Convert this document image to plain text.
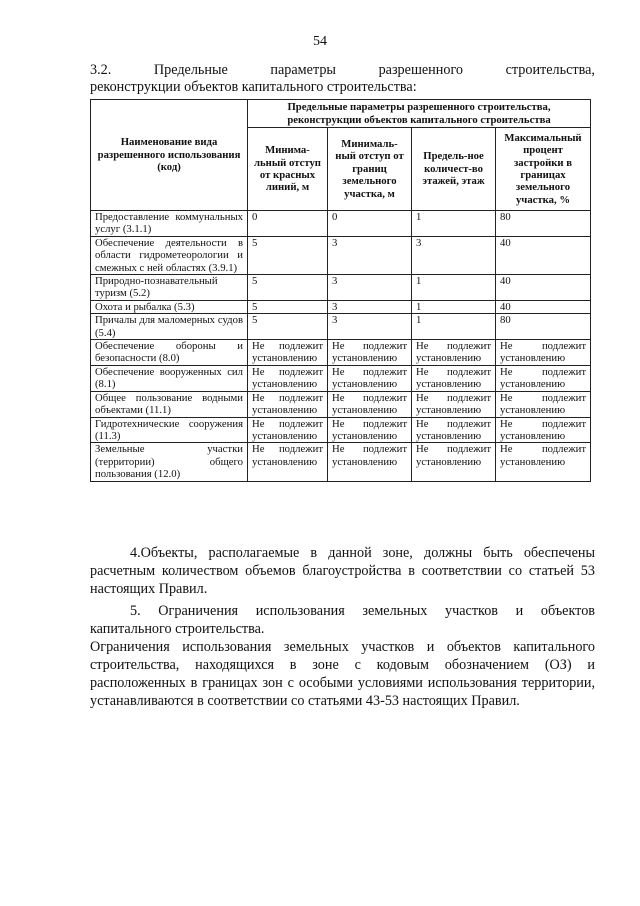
54
3.2.	Предельные	параметры	разрешенного	строительства,
реконструкции объектов капитального строительства:
Наименование вида разрешенного использования (код)	Предельные параметры разрешенного строительства, реконструкции объектов капитального строительства			
	Минима-льный отступ от красных линий, м	Минималь-ный отступ от границ земельного участка, м	Предель-ное количест-во этажей, этаж	Максимальный процент застройки в границах земельного участка, %
Предоставление коммунальных услуг (3.1.1)	0	0	1	80
Обеспечение деятельности в области гидрометеорологии и смежных с ней областях (3.9.1)	5	3	3	40
Природно-познавательный туризм (5.2)	5	3	1	40
Охота и рыбалка (5.3)	5	3	1	40
Причалы для маломерных судов (5.4)	5	3	1	80
Обеспечение обороны и безопасности (8.0)	Не подлежит установлению	Не подлежит установлению	Не подлежит установлению	Не подлежит установлению
Обеспечение вооруженных сил (8.1)	Не подлежит установлению	Не подлежит установлению	Не подлежит установлению	Не подлежит установлению
Общее пользование водными объектами (11.1)	Не подлежит установлению	Не подлежит установлению	Не подлежит установлению	Не подлежит установлению
Гидротехнические сооружения (11.3)	Не подлежит установлению	Не подлежит установлению	Не подлежит установлению	Не подлежит установлению
Земельные участки (территории) общего пользования (12.0)	Не подлежит установлению	Не подлежит установлению	Не подлежит установлению	Не подлежит установлению

4.Объекты, располагаемые в данной зоне, должны быть обеспечены расчетным количеством объемов благоустройства в соответствии со статьей 53 настоящих Правил.

5. Ограничения использования земельных участков и объектов капитального строительства.

Ограничения использования земельных участков и объектов капитального строительства, находящихся в зоне с кодовым обозначением (ОЗ) и расположенных в границах зон с особыми условиями использования территории, устанавливаются в соответствии со статьями 43-53 настоящих Правил.
